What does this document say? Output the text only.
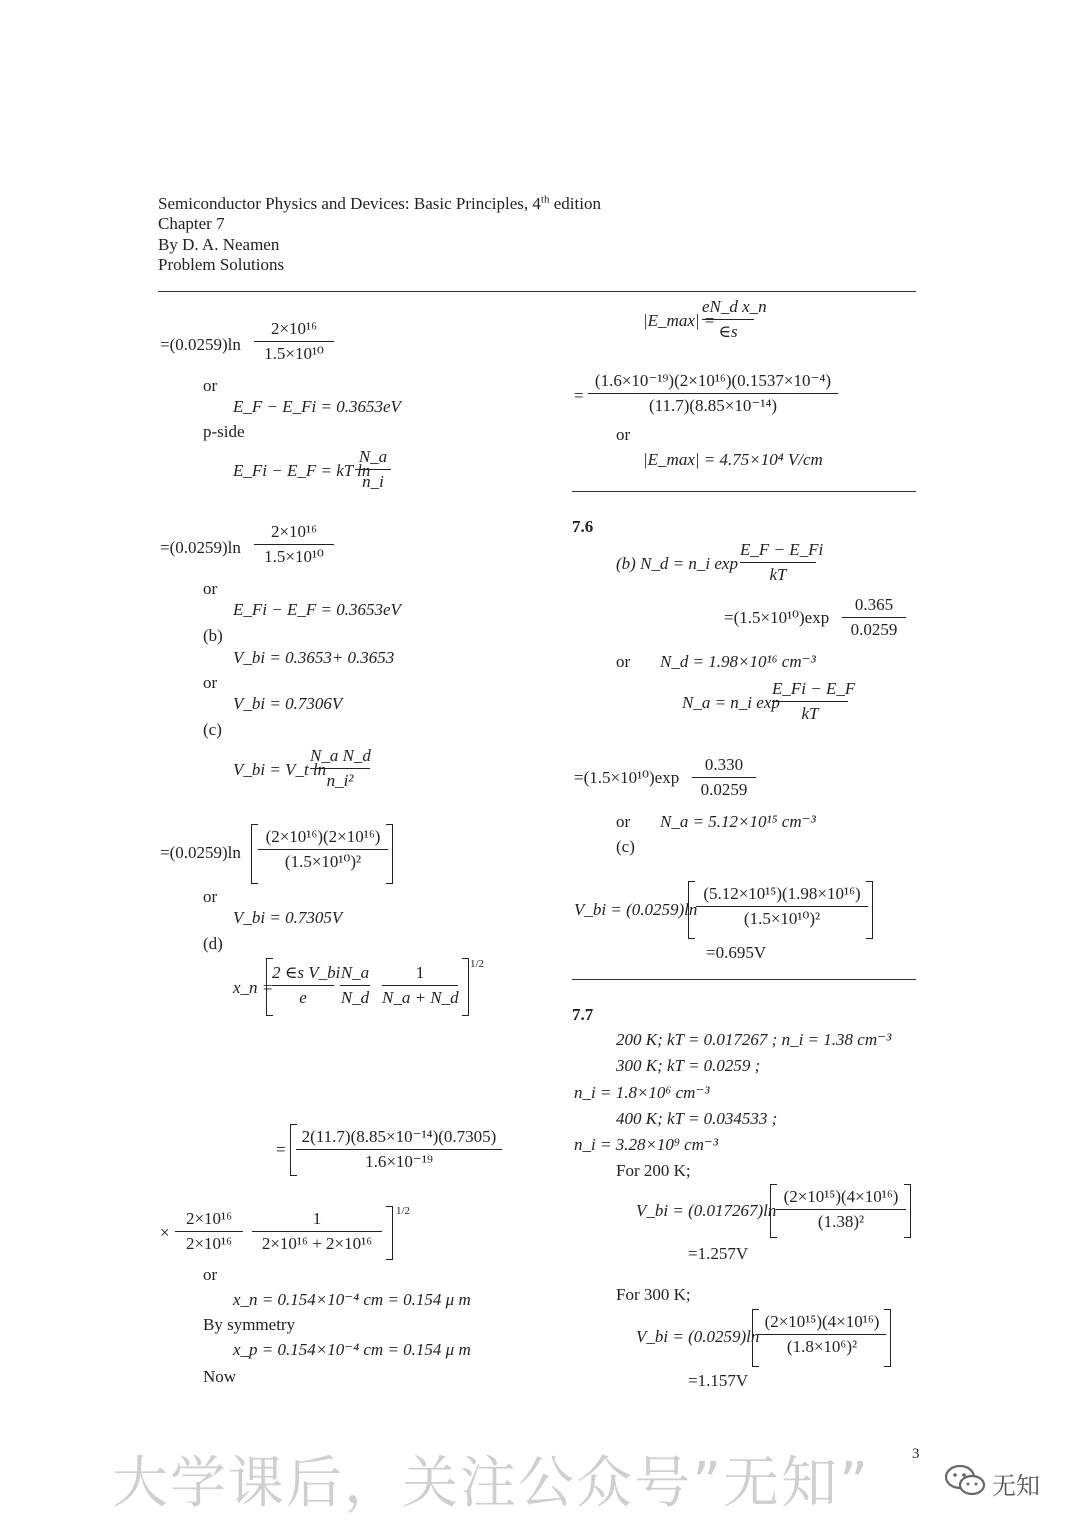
Semiconductor Physics and Devices: Basic Principles, 4th edition
Chapter 7
By D. A. Neamen
Problem Solutions
=(0.0259)ln
2×10¹⁶
1.5×10¹⁰
or
E_F − E_Fi = 0.3653eV
p-side
E_Fi − E_F = kT ln
N_a
n_i
=(0.0259)ln
2×10¹⁶
1.5×10¹⁰
or
E_Fi − E_F = 0.3653eV
(b)
V_bi = 0.3653+ 0.3653
or
V_bi = 0.7306V
(c)
V_bi = V_t ln
N_a N_d
n_i²
=(0.0259)ln
(2×10¹⁶)(2×10¹⁶)
(1.5×10¹⁰)²
or
V_bi = 0.7305V
(d)
x_n =
2 ∈s V_bi
e
N_a
N_d
1
N_a + N_d
1/2
=
2(11.7)(8.85×10⁻¹⁴)(0.7305)
1.6×10⁻¹⁹
×
2×10¹⁶
2×10¹⁶
1
2×10¹⁶ + 2×10¹⁶
1/2
or
x_n = 0.154×10⁻⁴ cm = 0.154 μ m
By symmetry
x_p = 0.154×10⁻⁴ cm = 0.154 μ m
Now
|E_max| =
eN_d x_n
∈s
=
(1.6×10⁻¹⁹)(2×10¹⁶)(0.1537×10⁻⁴)
(11.7)(8.85×10⁻¹⁴)
or
|E_max| = 4.75×10⁴ V/cm
7.6
(b) N_d = n_i exp
E_F − E_Fi
kT
=(1.5×10¹⁰)exp
0.365
0.0259
or N_d = 1.98×10¹⁶ cm⁻³
N_a = n_i exp
E_Fi − E_F
kT
=(1.5×10¹⁰)exp
0.330
0.0259
or N_a = 5.12×10¹⁵ cm⁻³
(c)
V_bi = (0.0259)ln
(5.12×10¹⁵)(1.98×10¹⁶)
(1.5×10¹⁰)²
=0.695V
7.7
200 K; kT = 0.017267 ; n_i = 1.38 cm⁻³
300 K; kT = 0.0259 ;
n_i = 1.8×10⁶ cm⁻³
400 K; kT = 0.034533 ;
n_i = 3.28×10⁹ cm⁻³
For 200 K;
V_bi = (0.017267)ln
(2×10¹⁵)(4×10¹⁶)
(1.38)²
=1.257V
For 300 K;
V_bi = (0.0259)ln
(2×10¹⁵)(4×10¹⁶)
(1.8×10⁶)²
=1.157V
3
大学课后，关注公众号”无知”	无知
